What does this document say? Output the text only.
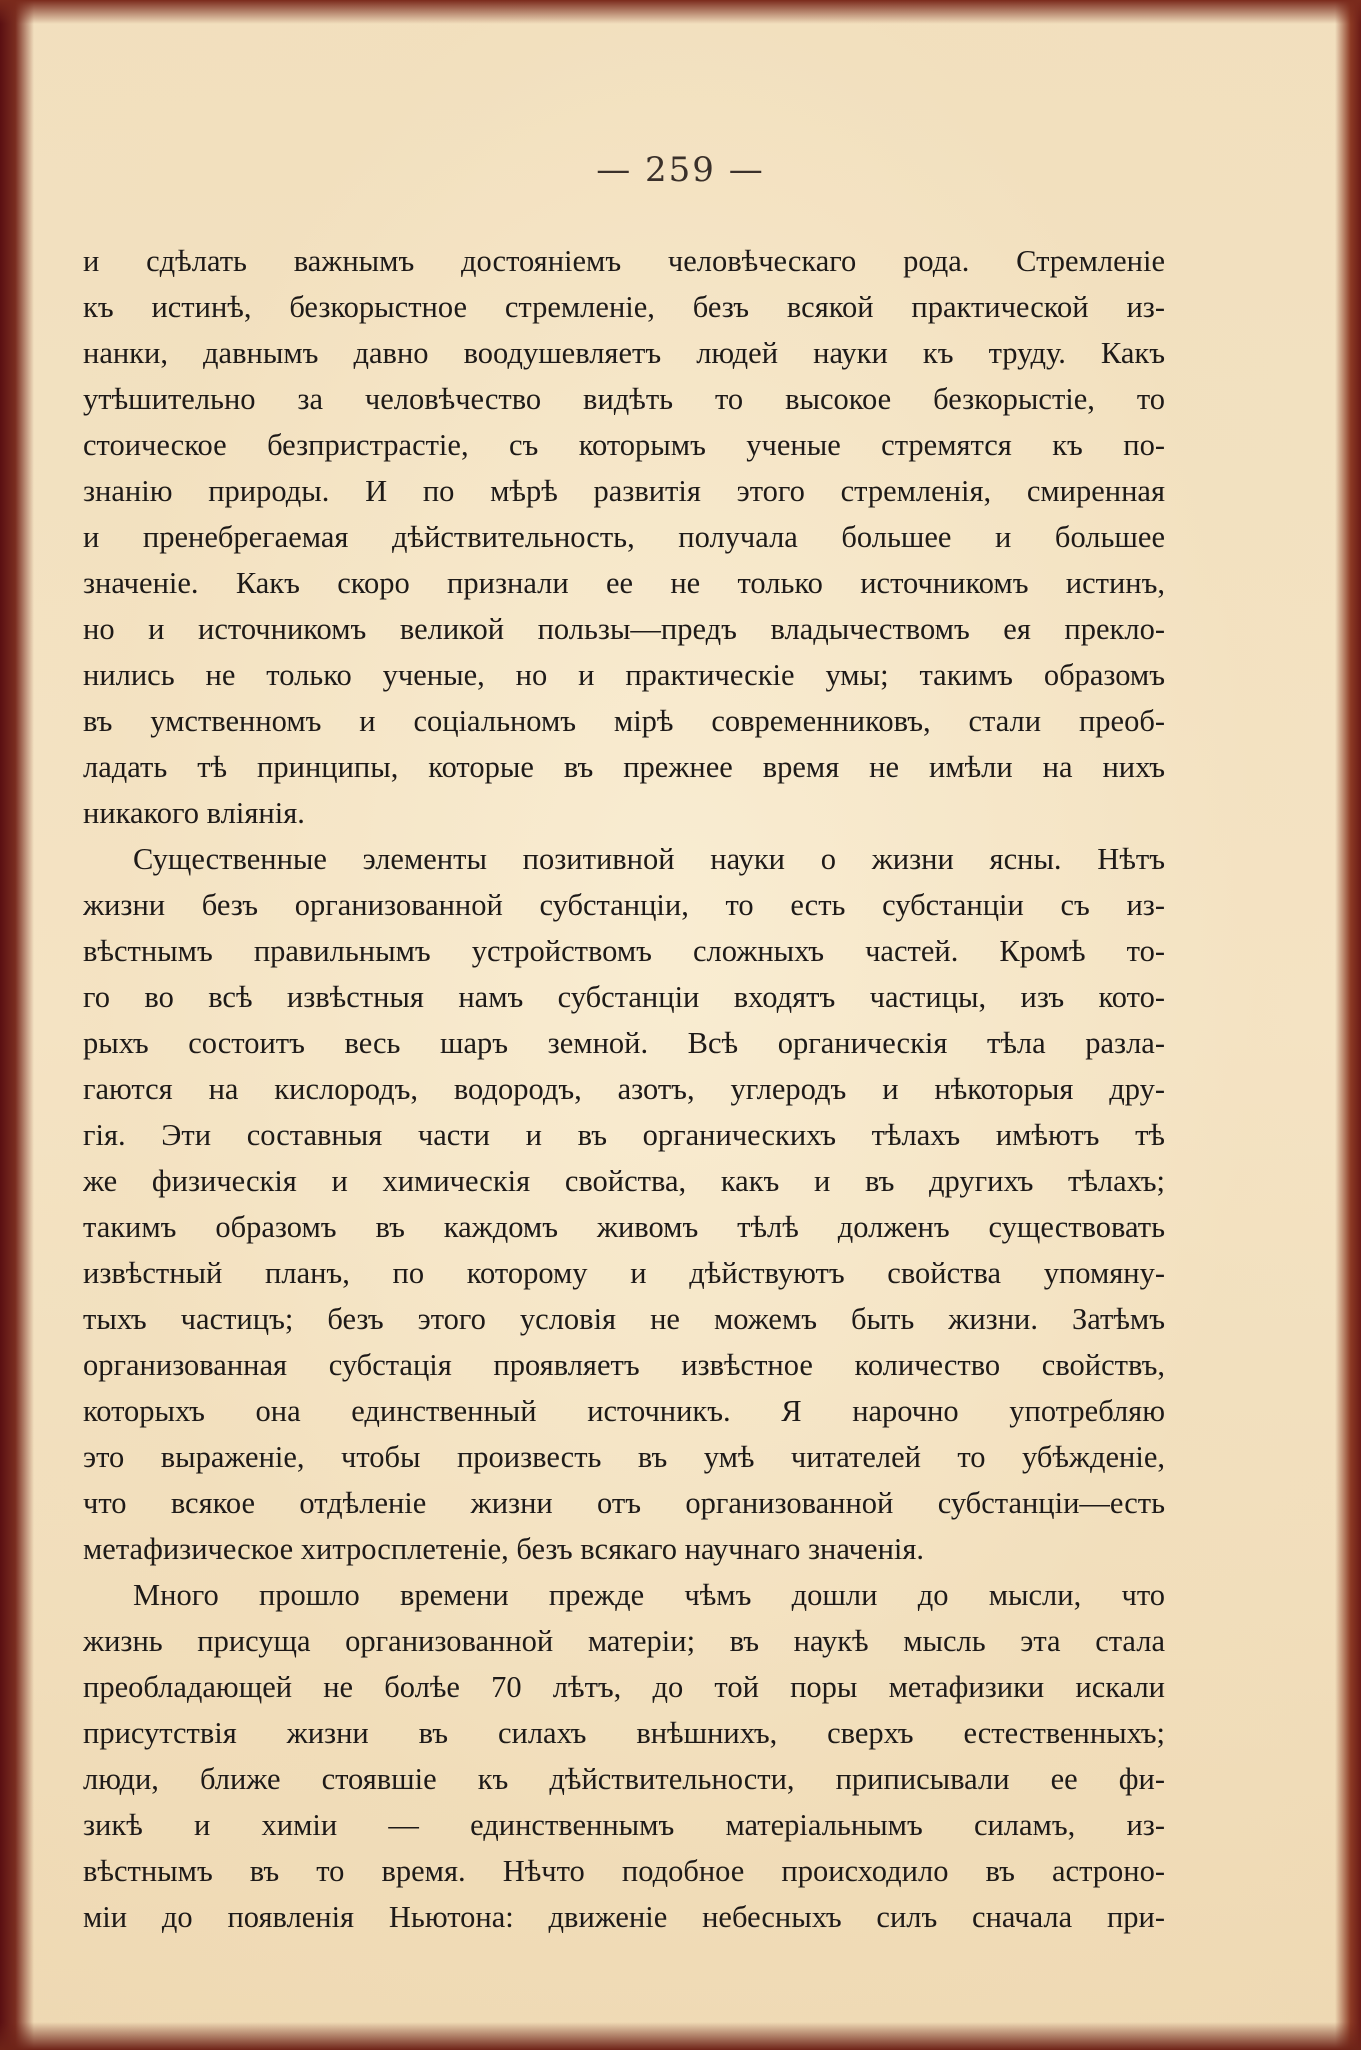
— 259 —
и сдѣлать важнымъ достояніемъ человѣческаго рода. Стремленіе
къ истинѣ, безкорыстное стремленіе, безъ всякой практической из-
нанки, давнымъ давно воодушевляетъ людей науки къ труду. Какъ
утѣшительно за человѣчество видѣть то высокое безкорыстіе, то
стоическое безпристрастіе, съ которымъ ученые стремятся къ по-
знанію природы. И по мѣрѣ развитія этого стремленія, смиренная
и пренебрегаемая дѣйствительность, получала большее и большее
значеніе. Какъ скоро признали ее не только источникомъ истинъ,
но и источникомъ великой пользы—предъ владычествомъ ея прекло-
нились не только ученые, но и практическіе умы; такимъ образомъ
въ умственномъ и соціальномъ мірѣ современниковъ, стали преоб-
ладать тѣ принципы, которые въ прежнее время не имѣли на нихъ
никакого вліянія.
Существенные элементы позитивной науки о жизни ясны. Нѣтъ
жизни безъ организованной субстанціи, то есть субстанціи съ из-
вѣстнымъ правильнымъ устройствомъ сложныхъ частей. Кромѣ то-
го во всѣ извѣстныя намъ субстанціи входятъ частицы, изъ кото-
рыхъ состоитъ весь шаръ земной. Всѣ органическія тѣла разла-
гаются на кислородъ, водородъ, азотъ, углеродъ и нѣкоторыя дру-
гія. Эти составныя части и въ органическихъ тѣлахъ имѣютъ тѣ
же физическія и химическія свойства, какъ и въ другихъ тѣлахъ;
такимъ образомъ въ каждомъ живомъ тѣлѣ долженъ существовать
извѣстный планъ, по которому и дѣйствуютъ свойства упомяну-
тыхъ частицъ; безъ этого условія не можемъ быть жизни. Затѣмъ
организованная субстація проявляетъ извѣстное количество свойствъ,
которыхъ она единственный источникъ. Я нарочно употребляю
это выраженіе, чтобы произвесть въ умѣ читателей то убѣжденіе,
что всякое отдѣленіе жизни отъ организованной субстанціи—есть
метафизическое хитросплетеніе, безъ всякаго научнаго значенія.
Много прошло времени прежде чѣмъ дошли до мысли, что
жизнь присуща организованной матеріи; въ наукѣ мысль эта стала
преобладающей не болѣе 70 лѣтъ, до той поры метафизики искали
присутствія жизни въ силахъ внѣшнихъ, сверхъ естественныхъ;
люди, ближе стоявшіе къ дѣйствительности, приписывали ее фи-
зикѣ и химіи — единственнымъ матеріальнымъ силамъ, из-
вѣстнымъ въ то время. Нѣчто подобное происходило въ астроно-
міи до появленія Ньютона: движеніе небесныхъ силъ сначала при-
